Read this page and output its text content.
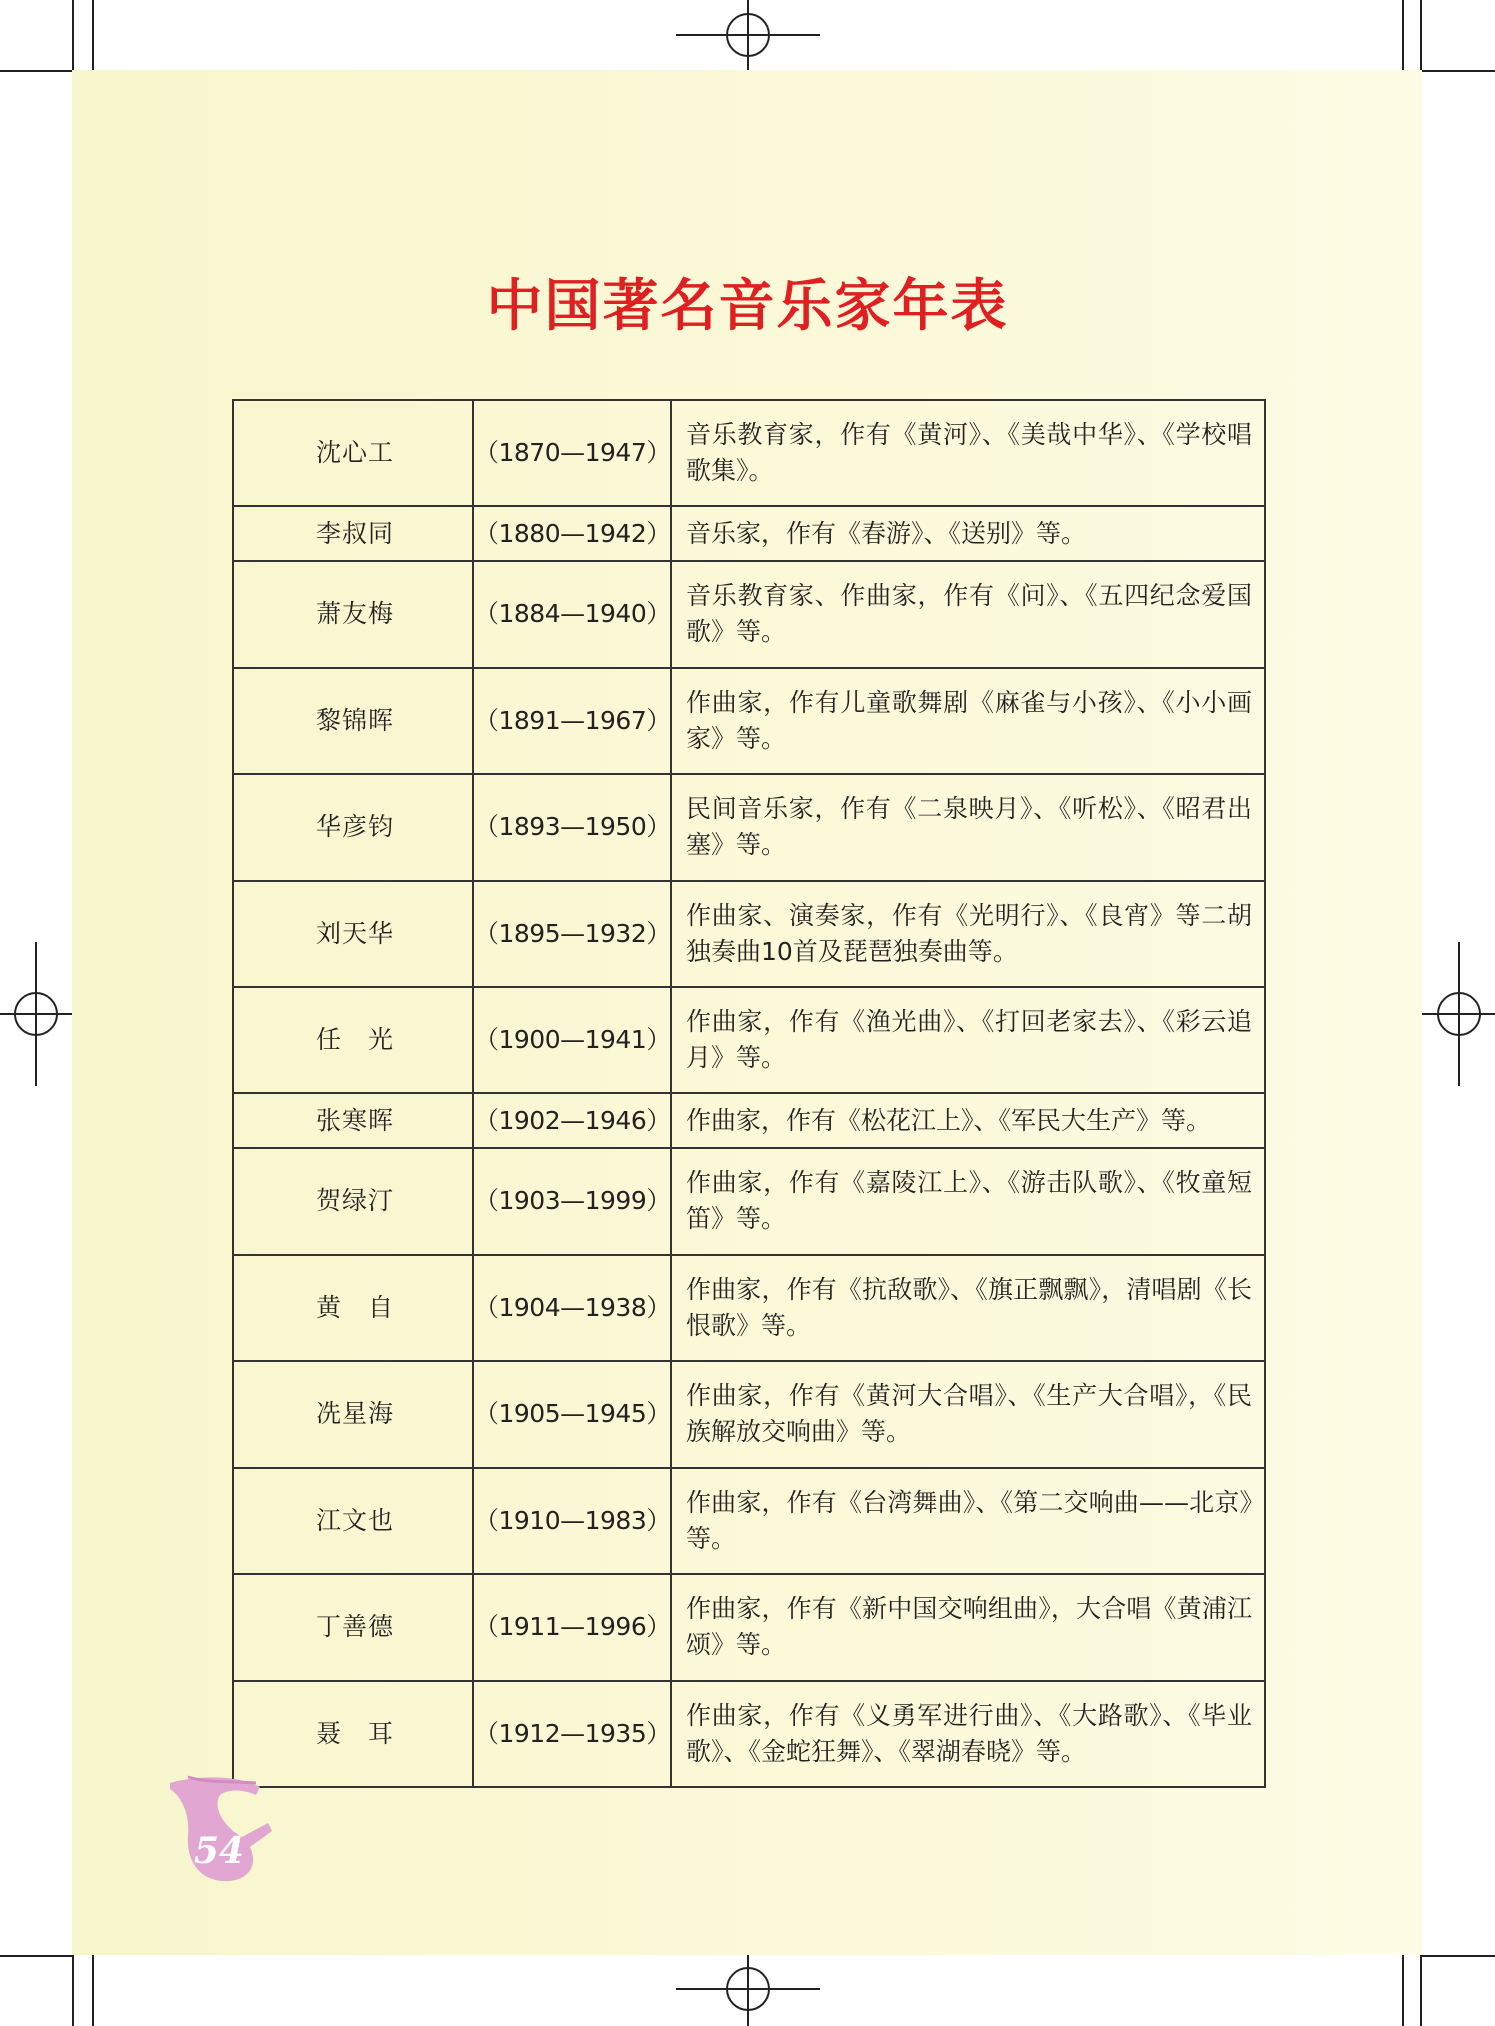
中国著名音乐家年表
沈心工	（1870—1947）	音乐教育家，作有《黄河》、《美哉中华》、《学校唱歌集》。
李叔同	（1880—1942）	音乐家，作有《春游》、《送别》等。
萧友梅	（1884—1940）	音乐教育家、作曲家，作有《问》、《五四纪念爱国歌》等。
黎锦晖	（1891—1967）	作曲家，作有儿童歌舞剧《麻雀与小孩》、《小小画家》等。
华彦钧	（1893—1950）	民间音乐家，作有《二泉映月》、《听松》、《昭君出塞》等。
刘天华	（1895—1932）	作曲家、演奏家，作有《光明行》、《良宵》等二胡独奏曲10首及琵琶独奏曲等。
任　光	（1900—1941）	作曲家，作有《渔光曲》、《打回老家去》、《彩云追月》等。
张寒晖	（1902—1946）	作曲家，作有《松花江上》、《军民大生产》等。
贺绿汀	（1903—1999）	作曲家，作有《嘉陵江上》、《游击队歌》、《牧童短笛》等。
黄　自	（1904—1938）	作曲家，作有《抗敌歌》、《旗正飘飘》，清唱剧《长恨歌》等。
冼星海	（1905—1945）	作曲家，作有《黄河大合唱》、《生产大合唱》，《民族解放交响曲》等。
江文也	（1910—1983）	作曲家，作有《台湾舞曲》、《第二交响曲——北京》等。
丁善德	（1911—1996）	作曲家，作有《新中国交响组曲》，大合唱《黄浦江颂》等。
聂　耳	（1912—1935）	作曲家，作有《义勇军进行曲》、《大路歌》、《毕业歌》、《金蛇狂舞》、《翠湖春晓》等。
54
